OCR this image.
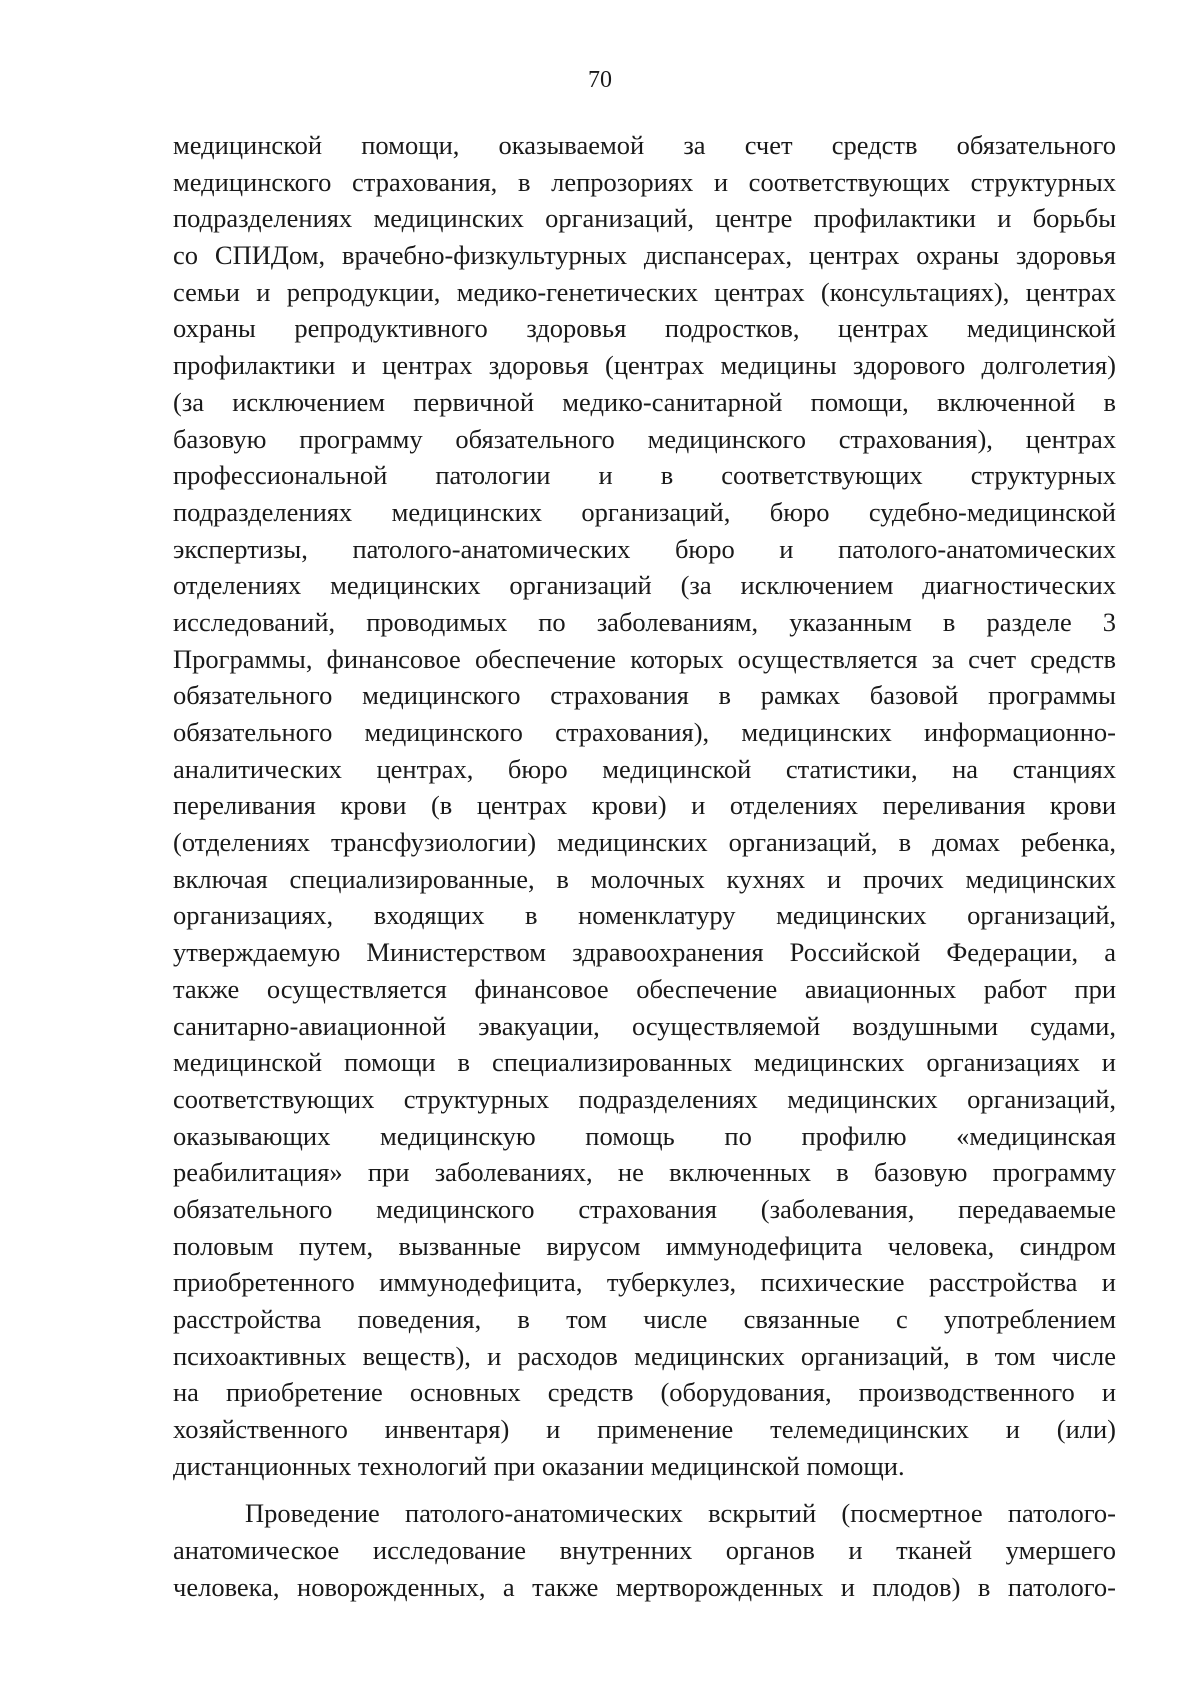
70
медицинской помощи, оказываемой за счет средств обязательного
медицинского страхования, в лепрозориях и соответствующих структурных
подразделениях медицинских организаций, центре профилактики и борьбы
со СПИДом, врачебно-физкультурных диспансерах, центрах охраны здоровья
семьи и репродукции, медико-генетических центрах (консультациях), центрах
охраны репродуктивного здоровья подростков, центрах медицинской
профилактики и центрах здоровья (центрах медицины здорового долголетия)
(за исключением первичной медико-санитарной помощи, включенной в
базовую программу обязательного медицинского страхования), центрах
профессиональной патологии и в соответствующих структурных
подразделениях медицинских организаций, бюро судебно-медицинской
экспертизы, патолого-анатомических бюро и патолого-анатомических
отделениях медицинских организаций (за исключением диагностических
исследований, проводимых по заболеваниям, указанным в разделе 3
Программы, финансовое обеспечение которых осуществляется за счет средств
обязательного медицинского страхования в рамках базовой программы
обязательного медицинского страхования), медицинских информационно-
аналитических центрах, бюро медицинской статистики, на станциях
переливания крови (в центрах крови) и отделениях переливания крови
(отделениях трансфузиологии) медицинских организаций, в домах ребенка,
включая специализированные, в молочных кухнях и прочих медицинских
организациях, входящих в номенклатуру медицинских организаций,
утверждаемую Министерством здравоохранения Российской Федерации, а
также осуществляется финансовое обеспечение авиационных работ при
санитарно-авиационной эвакуации, осуществляемой воздушными судами,
медицинской помощи в специализированных медицинских организациях и
соответствующих структурных подразделениях медицинских организаций,
оказывающих медицинскую помощь по профилю «медицинская
реабилитация» при заболеваниях, не включенных в базовую программу
обязательного медицинского страхования (заболевания, передаваемые
половым путем, вызванные вирусом иммунодефицита человека, синдром
приобретенного иммунодефицита, туберкулез, психические расстройства и
расстройства поведения, в том числе связанные с употреблением
психоактивных веществ), и расходов медицинских организаций, в том числе
на приобретение основных средств (оборудования, производственного и
хозяйственного инвентаря) и применение телемедицинских и (или)
дистанционных технологий при оказании медицинской помощи.
Проведение патолого-анатомических вскрытий (посмертное патолого-
анатомическое исследование внутренних органов и тканей умершего
человека, новорожденных, а также мертворожденных и плодов) в патолого-
